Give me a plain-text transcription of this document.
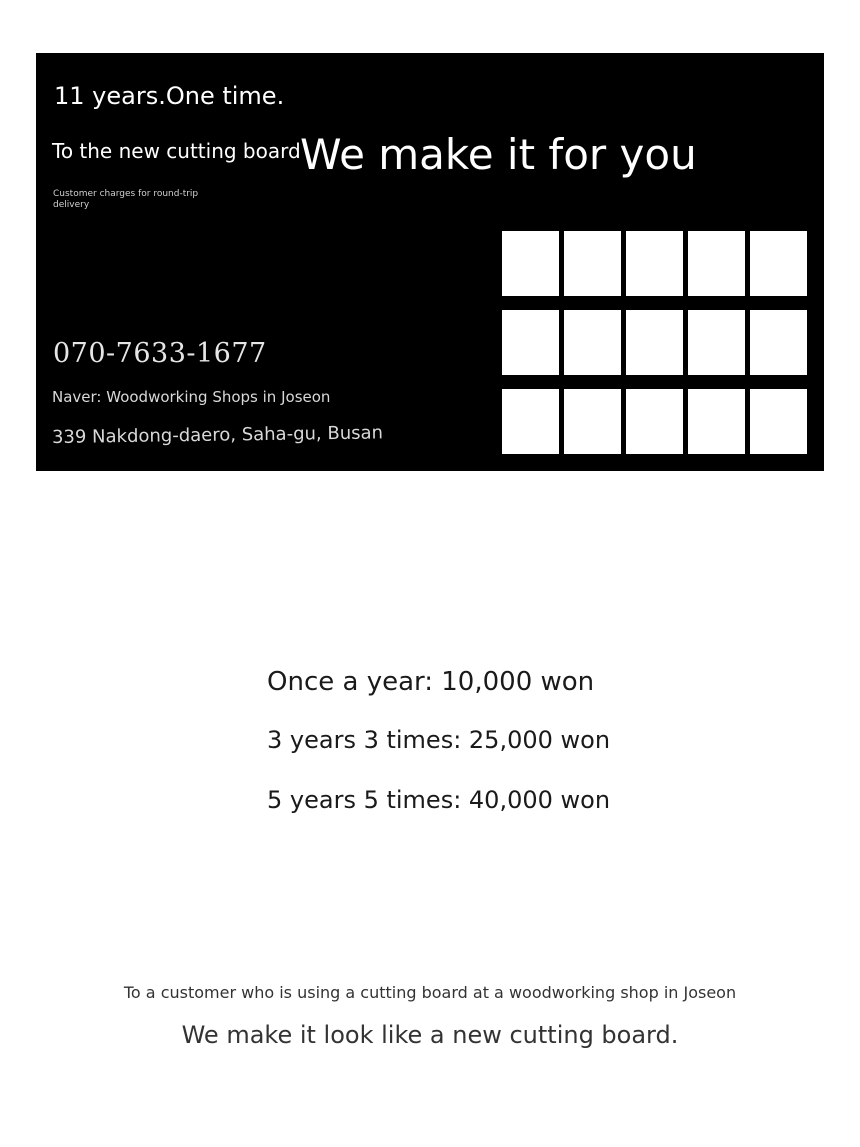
11 years.One time.
To the new cutting board We make it for you
Customer charges for round-trip delivery
070-7633-1677
Naver: Woodworking Shops in Joseon
339 Nakdong-daero, Saha-gu, Busan
Once a year: 10,000 won
3 years 3 times: 25,000 won
5 years 5 times: 40,000 won
To a customer who is using a cutting board at a woodworking shop in Joseon
We make it look like a new cutting board.
